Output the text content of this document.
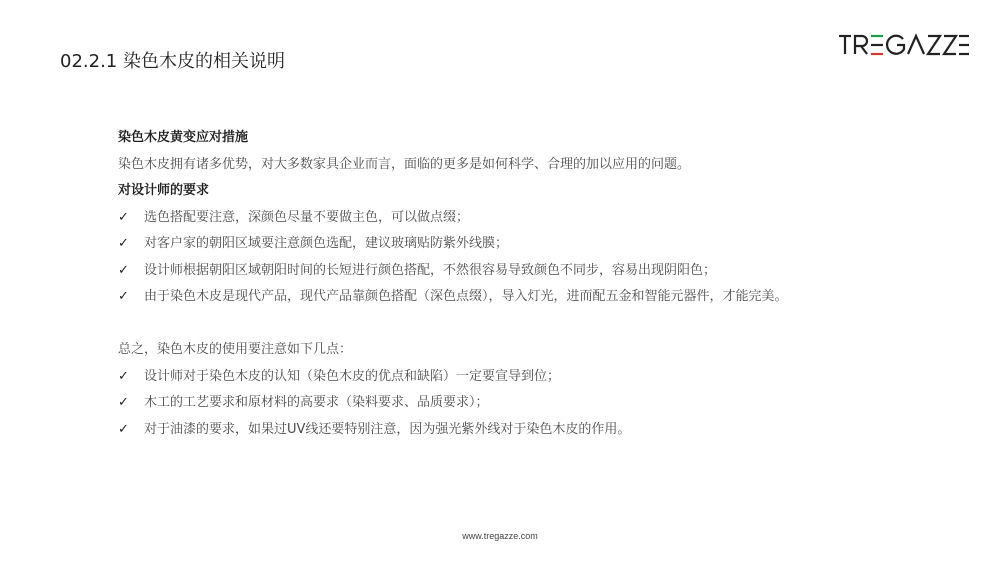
02.2.1 染色木皮的相关说明
染色木皮黄变应对措施
染色木皮拥有诸多优势，对大多数家具企业而言，面临的更多是如何科学、合理的加以应用的问题。
对设计师的要求
✓ 选色搭配要注意，深颜色尽量不要做主色，可以做点缀；
✓ 对客户家的朝阳区域要注意颜色选配，建议玻璃贴防紫外线膜；
✓ 设计师根据朝阳区域朝阳时间的长短进行颜色搭配，不然很容易导致颜色不同步，容易出现阴阳色；
✓ 由于染色木皮是现代产品，现代产品靠颜色搭配（深色点缀），导入灯光，进而配五金和智能元器件，才能完美。
总之，染色木皮的使用要注意如下几点：
✓ 设计师对于染色木皮的认知（染色木皮的优点和缺陷）一定要宣导到位；
✓ 木工的工艺要求和原材料的高要求（染料要求、品质要求）；
✓ 对于油漆的要求，如果过UV线还要特别注意，因为强光紫外线对于染色木皮的作用。
www.tregazze.com
